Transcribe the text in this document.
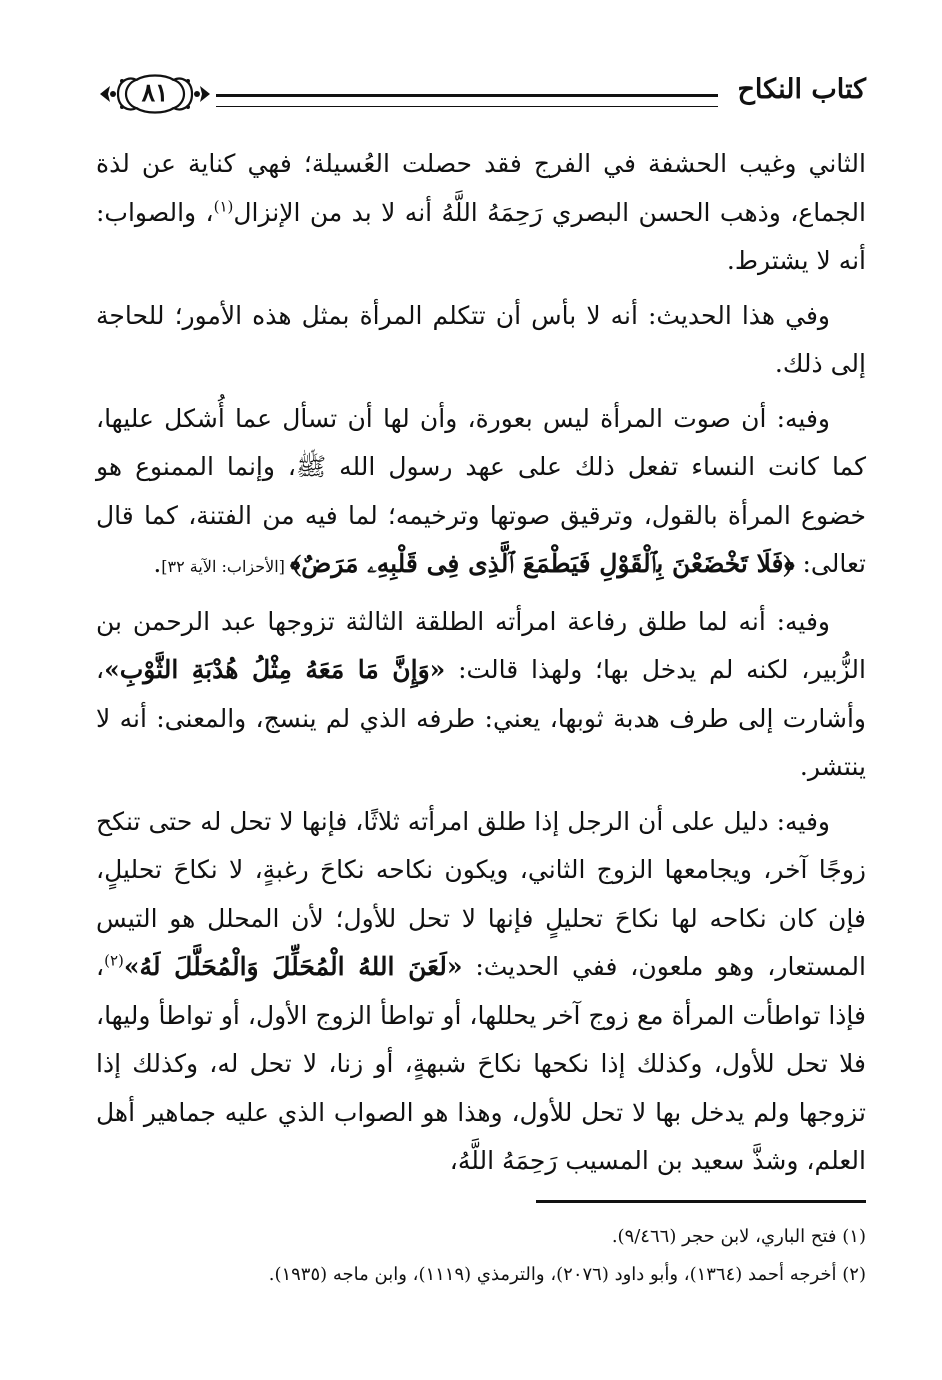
كتاب النكاح
٨١

الثاني وغيب الحشفة في الفرج فقد حصلت العُسيلة؛ فهي كناية عن لذة الجماع، وذهب الحسن البصري رَحِمَهُ اللَّهُ أنه لا بد من الإنزال$^{(١)}$، والصواب: أنه لا يشترط.

وفي هذا الحديث: أنه لا بأس أن تتكلم المرأة بمثل هذه الأمور؛ للحاجة إلى ذلك.

وفيه: أن صوت المرأة ليس بعورة، وأن لها أن تسأل عما أُشكل عليها، كما كانت النساء تفعل ذلك على عهد رسول الله ﷺ، وإنما الممنوع هو خضوع المرأة بالقول، وترقيق صوتها وترخيمه؛ لما فيه من الفتنة، كما قال تعالى: ﴿فَلَا تَخْضَعْنَ بِٱلْقَوْلِ فَيَطْمَعَ ٱلَّذِى فِى قَلْبِهِۦ مَرَضٌ﴾ [الأحزاب: الآية ٣٢].

وفيه: أنه لما طلق رفاعة امرأته الطلقة الثالثة تزوجها عبد الرحمن بن الزُّبير، لكنه لم يدخل بها؛ ولهذا قالت: «وَإِنَّ مَا مَعَهُ مِثْلُ هُدْبَةِ الثَّوْبِ»، وأشارت إلى طرف هدبة ثوبها، يعني: طرفه الذي لم ينسج، والمعنى: أنه لا ينتشر.

وفيه: دليل على أن الرجل إذا طلق امرأته ثلاثًا، فإنها لا تحل له حتى تنكح زوجًا آخر، ويجامعها الزوج الثاني، ويكون نكاحه نكاحَ رغبةٍ، لا نكاحَ تحليلٍ، فإن كان نكاحه لها نكاحَ تحليلٍ فإنها لا تحل للأول؛ لأن المحلل هو التيس المستعار، وهو ملعون، ففي الحديث: «لَعَنَ اللهُ الْمُحَلِّلَ وَالْمُحَلَّلَ لَهُ»$^{(٢)}$، فإذا تواطأت المرأة مع زوج آخر يحللها، أو تواطأ الزوج الأول، أو تواطأ وليها، فلا تحل للأول، وكذلك إذا نكحها نكاحَ شبهةٍ، أو زنا، لا تحل له، وكذلك إذا تزوجها ولم يدخل بها لا تحل للأول، وهذا هو الصواب الذي عليه جماهير أهل العلم، وشذَّ سعيد بن المسيب رَحِمَهُ اللَّهُ،

(١) فتح الباري، لابن حجر (٩/٤٦٦).

(٢) أخرجه أحمد (١٣٦٤)، وأبو داود (٢٠٧٦)، والترمذي (١١١٩)، وابن ماجه (١٩٣٥).
